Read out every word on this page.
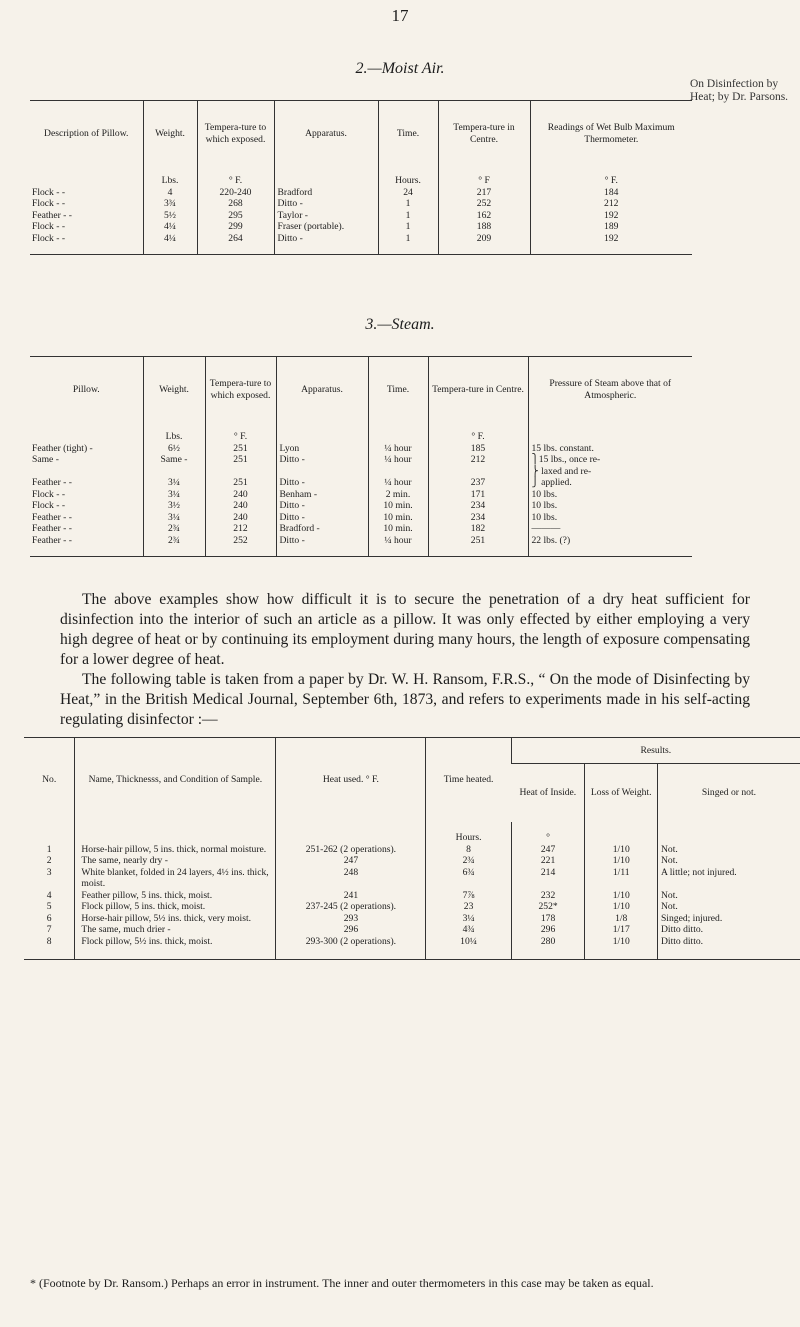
17
On Disinfection by Heat; by Dr. Parsons.
2.—Moist Air.
Description of Pillow.	Weight.	Tempera-ture to which exposed.	Apparatus.	Time.	Tempera-ture in Centre.	Readings of Wet Bulb Maximum Thermometer.
	Lbs.	° F.		Hours.	° F	° F.
Flock - -	4	220-240	Bradford	24	217	184
Flock - -	3¾	268	Ditto -	1	252	212
Feather - -	5½	295	Taylor -	1	162	192
Flock - -	4¼	299	Fraser (portable).	1	188	189
Flock - -	4¼	264	Ditto -	1	209	192

3.—Steam.
Pillow.	Weight.	Tempera-ture to which exposed.	Apparatus.	Time.	Tempera-ture in Centre.	Pressure of Steam above that of Atmospheric.
	Lbs.	° F.			° F.	
Feather (tight) -	6½	251	Lyon	¼ hour	185	15 lbs. constant.
Same -	Same -	251	Ditto -	¼ hour	212	⎫15 lbs., once re-
						⎬ laxed and re-
Feather - -	3¼	251	Ditto -	¼ hour	237	⎭ applied.
Flock - -	3¼	240	Benham -	2 min.	171	10 lbs.
Flock - -	3½	240	Ditto -	10 min.	234	10 lbs.
Feather - -	3¼	240	Ditto -	10 min.	234	10 lbs.
Feather - -	2¾	212	Bradford -	10 min.	182	———
Feather - -	2¾	252	Ditto -	¼ hour	251	22 lbs. (?)

The above examples show how difficult it is to secure the penetration of a dry heat sufficient for disinfection into the interior of such an article as a pillow. It was only effected by either employing a very high degree of heat or by continuing its employment during many hours, the length of exposure compensating for a lower degree of heat.

The following table is taken from a paper by Dr. W. H. Ransom, F.R.S., “ On the mode of Disinfecting by Heat,” in the British Medical Journal, September 6th, 1873, and refers to experiments made in his self-acting regulating disinfector :—

No.	Name, Thicknesss, and Condition of Sample.	Heat used. ° F.	Time heated.	Results.		
				Heat of Inside.	Loss of Weight.	Singed or not.
			Hours.	°		
1	Horse-hair pillow, 5 ins. thick, normal moisture.	251-262 (2 operations).	8	247	1/10	Not.
2	The same, nearly dry -	247	2¾	221	1/10	Not.
3	White blanket, folded in 24 layers, 4½ ins. thick, moist.	248	6¾	214	1/11	A little; not injured.
4	Feather pillow, 5 ins. thick, moist.	241	7⅞	232	1/10	Not.
5	Flock pillow, 5 ins. thick, moist.	237-245 (2 operations).	23	252*	1/10	Not.
6	Horse-hair pillow, 5½ ins. thick, very moist.	293	3¼	178	1/8	Singed; injured.
7	The same, much drier -	296	4¾	296	1/17	Ditto ditto.
8	Flock pillow, 5½ ins. thick, moist.	293-300 (2 operations).	10¼	280	1/10	Ditto ditto.

* (Footnote by Dr. Ransom.) Perhaps an error in instrument. The inner and outer thermometers in this case may be taken as equal.
